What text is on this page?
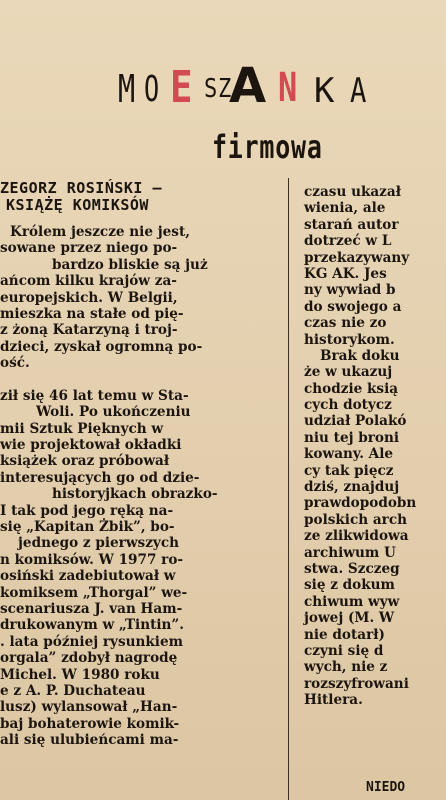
M O E S Z
A N K A
firmowa
ZEGORZ ROSIŃSKI —
KSIĄŻĘ KOMIKSÓW
Królem jeszcze nie jest,
sowane przez niego po-
bardzo bliskie są już
ańcom kilku krajów za-
europejskich. W Belgii,
mieszka na stałe od pię-
z żoną Katarzyną i troj-
dzieci, zyskał ogromną po-
ość.
ził się 46 lat temu w Sta-
Woli. Po ukończeniu
mii Sztuk Pięknych w
wie projektował okładki
książek oraz próbował
interesujących go od dzie-
historyjkach obrazko-
I tak pod jego ręką na-
się „Kapitan Żbik”, bo-
jednego z pierwszych
n komiksów. W 1977 ro-
osiński zadebiutował w
komiksem „Thorgal” we-
scenariusza J. van Ham-
drukowanym w „Tintin”.
. lata później rysunkiem
orgala” zdobył nagrodę
Michel. W 1980 roku
e z A. P. Duchateau
lusz) wylansował „Han-
baj bohaterowie komik-
ali się ulubieńcami ma-
czasu ukazał
wienia, ale
starań autor
dotrzeć w L
przekazywany
KG AK. Jes
ny wywiad b
do swojego a
czas nie zo
historykom.
Brak doku
że w ukazuj
chodzie ksią
cych dotycz
udział Polakó
niu tej broni
kowany. Ale
cy tak pięcz
dziś, znajduj
prawdopodobn
polskich arch
ze zlikwidowa
archiwum U
stwa. Szczeg
się z dokum
chiwum wyw
jowej (M. W
nie dotarł)
czyni się d
wych, nie z
rozszyfrowani
Hitlera.
NIEDO
